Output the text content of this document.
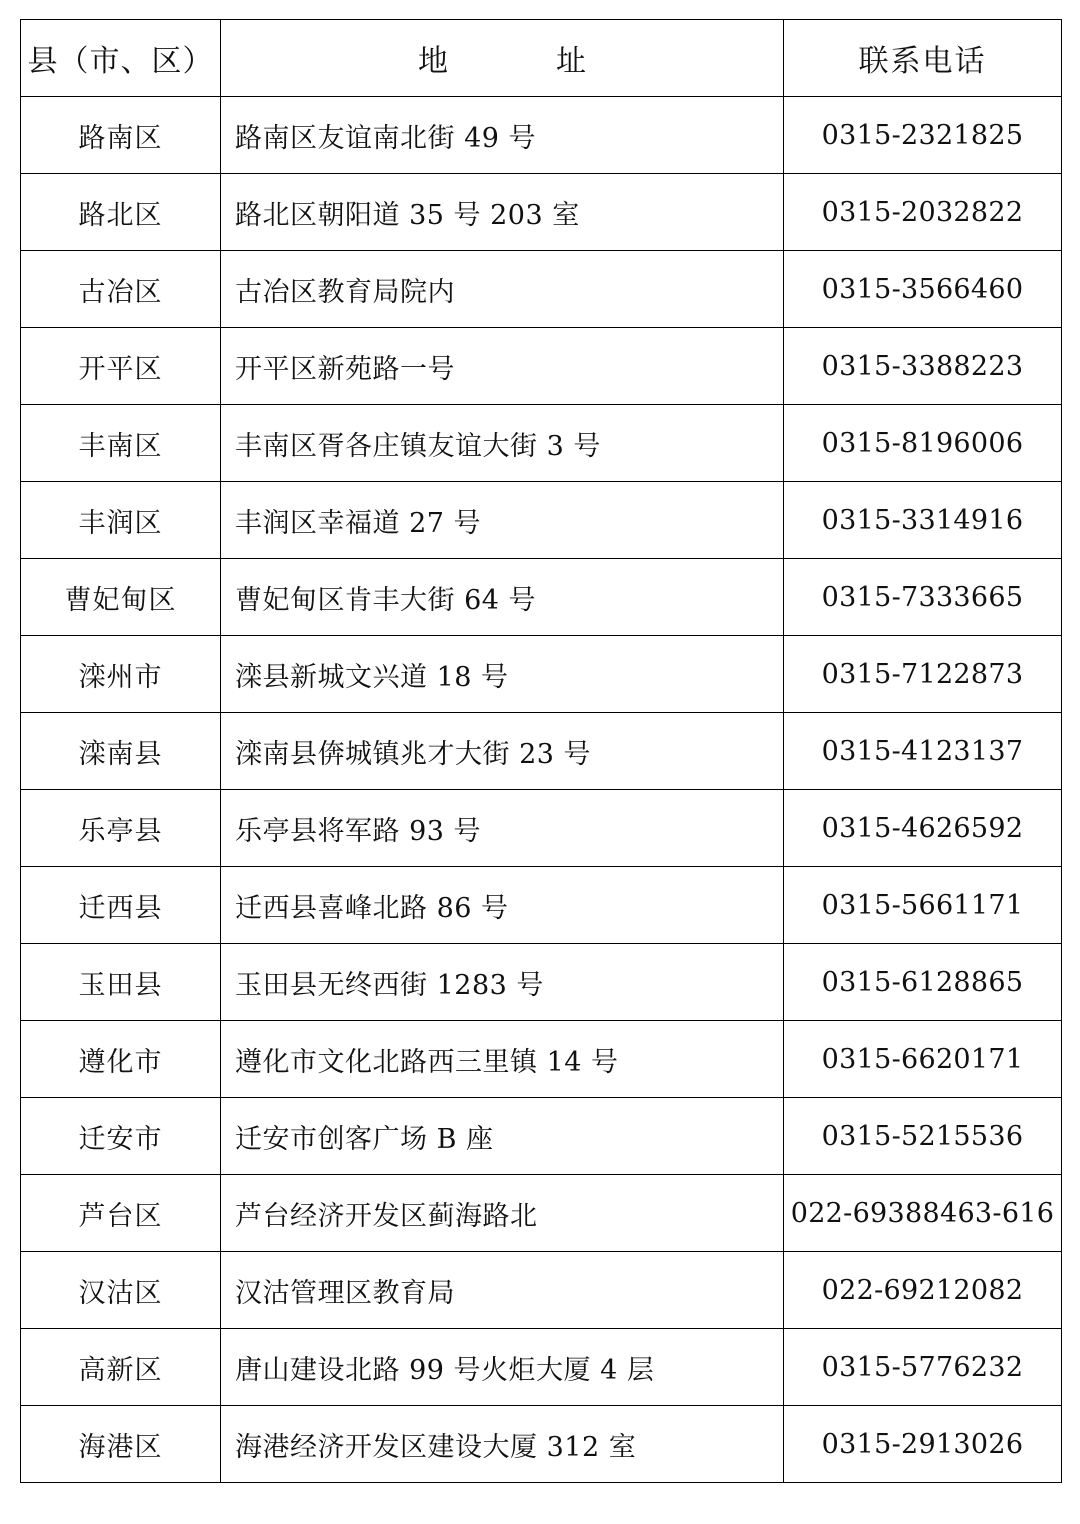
县（市、区）	地址	联系电话
路南区	路南区友谊南北街 49 号	0315-2321825
路北区	路北区朝阳道 35 号 203 室	0315-2032822
古冶区	古冶区教育局院内	0315-3566460
开平区	开平区新苑路一号	0315-3388223
丰南区	丰南区胥各庄镇友谊大街 3 号	0315-8196006
丰润区	丰润区幸福道 27 号	0315-3314916
曹妃甸区	曹妃甸区肯丰大街 64 号	0315-7333665
滦州市	滦县新城文兴道 18 号	0315-7122873
滦南县	滦南县倴城镇兆才大街 23 号	0315-4123137
乐亭县	乐亭县将军路 93 号	0315-4626592
迁西县	迁西县喜峰北路 86 号	0315-5661171
玉田县	玉田县无终西街 1283 号	0315-6128865
遵化市	遵化市文化北路西三里镇 14 号	0315-6620171
迁安市	迁安市创客广场 B 座	0315-5215536
芦台区	芦台经济开发区蓟海路北	022-69388463-616
汉沽区	汉沽管理区教育局	022-69212082
高新区	唐山建设北路 99 号火炬大厦 4 层	0315-5776232
海港区	海港经济开发区建设大厦 312 室	0315-2913026
